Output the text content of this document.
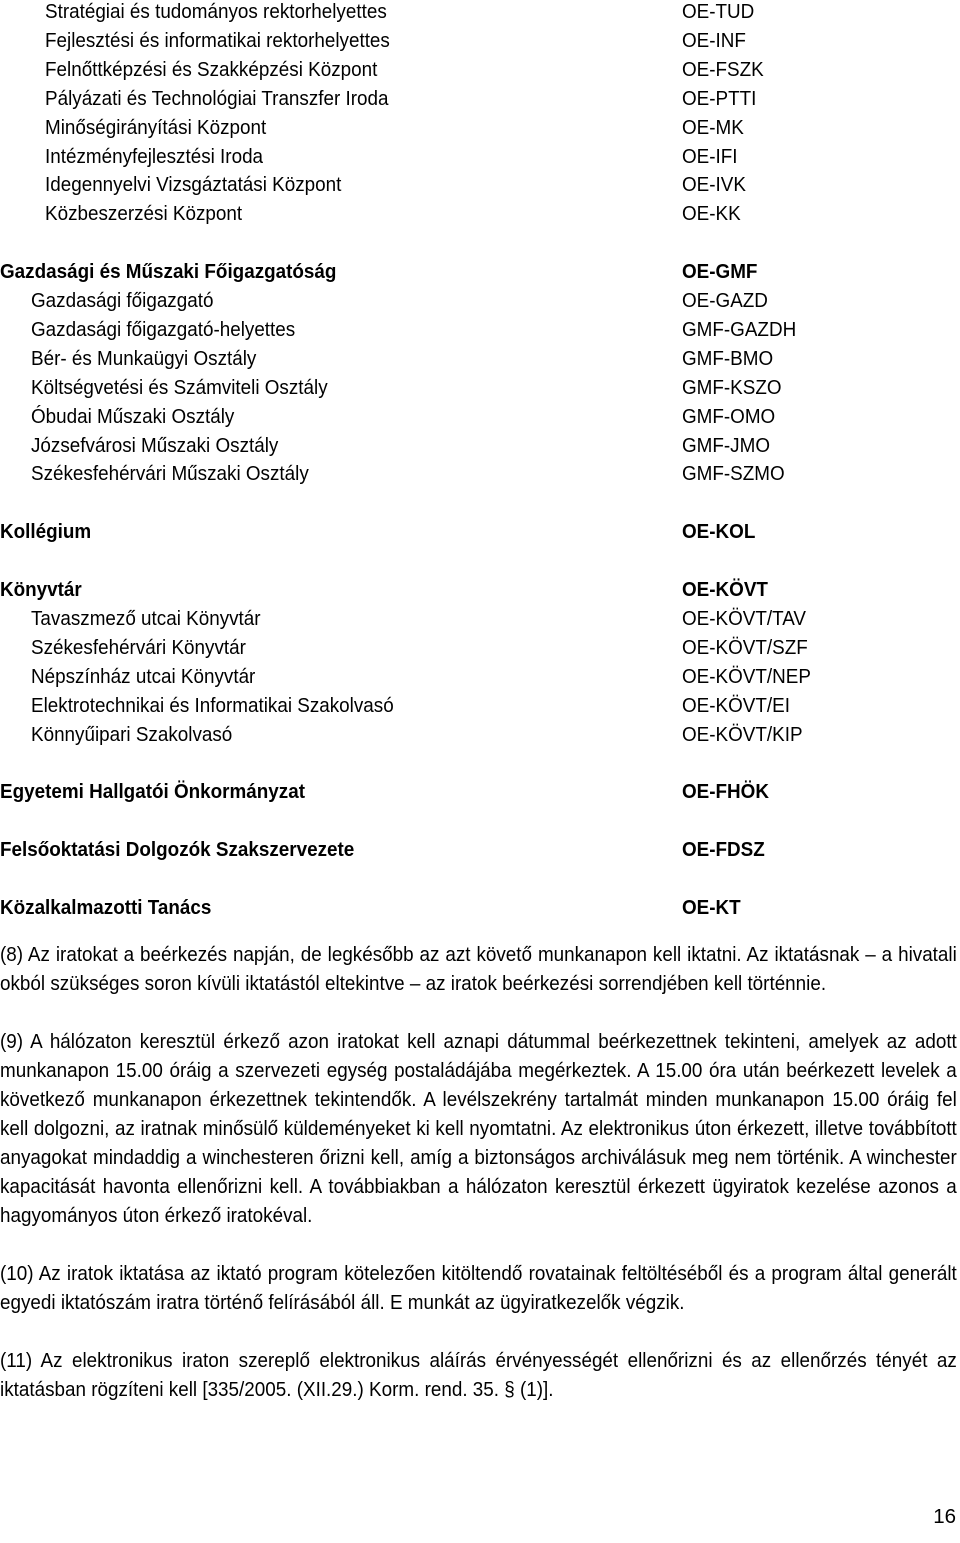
Stratégiai és tudományos rektorhelyettes	OE-TUD
Fejlesztési és informatikai rektorhelyettes	OE-INF
Felnőttképzési és Szakképzési Központ	OE-FSZK
Pályázati és Technológiai Transzfer Iroda	OE-PTTI
Minőségirányítási Központ	OE-MK
Intézményfejlesztési Iroda	OE-IFI
Idegennyelvi Vizsgáztatási Központ	OE-IVK
Közbeszerzési Központ	OE-KK
Gazdasági és Műszaki Főigazgatóság	OE-GMF
Gazdasági főigazgató	OE-GAZD
Gazdasági főigazgató-helyettes	GMF-GAZDH
Bér- és Munkaügyi Osztály	GMF-BMO
Költségvetési és Számviteli Osztály	GMF-KSZO
Óbudai Műszaki Osztály	GMF-OMO
Józsefvárosi Műszaki Osztály	GMF-JMO
Székesfehérvári Műszaki Osztály	GMF-SZMO
Kollégium	OE-KOL
Könyvtár	OE-KÖVT
Tavaszmező utcai Könyvtár	OE-KÖVT/TAV
Székesfehérvári Könyvtár	OE-KÖVT/SZF
Népszínház utcai Könyvtár	OE-KÖVT/NEP
Elektrotechnikai és Informatikai Szakolvasó	OE-KÖVT/EI
Könnyűipari Szakolvasó	OE-KÖVT/KIP
Egyetemi Hallgatói Önkormányzat	OE-FHÖK
Felsőoktatási Dolgozók Szakszervezete	OE-FDSZ
Közalkalmazotti Tanács	OE-KT

(8) Az iratokat a beérkezés napján, de legkésőbb az azt követő munkanapon kell iktatni. Az iktatásnak – a hivatali okból szükséges soron kívüli iktatástól eltekintve – az iratok beérkezési sorrendjében kell történnie.

(9) A hálózaton keresztül érkező azon iratokat kell aznapi dátummal beérkezettnek tekinteni, amelyek az adott munkanapon 15.00 óráig a szervezeti egység postaládájába megérkeztek. A 15.00 óra után beérkezett levelek a következő munkanapon érkezettnek tekintendők. A levélszekrény tartalmát minden munkanapon 15.00 óráig fel kell dolgozni, az iratnak minősülő küldeményeket ki kell nyomtatni. Az elektronikus úton érkezett, illetve továbbított anyagokat mindaddig a winchesteren őrizni kell, amíg a biztonságos archiválásuk meg nem történik. A winchester kapacitását havonta ellenőrizni kell. A továbbiakban a hálózaton keresztül érkezett ügyiratok kezelése azonos a hagyományos úton érkező iratokéval.

(10) Az iratok iktatása az iktató program kötelezően kitöltendő rovatainak feltöltéséből és a program által generált egyedi iktatószám iratra történő felírásából áll. E munkát az ügyiratkezelők végzik.

(11) Az elektronikus iraton szereplő elektronikus aláírás érvényességét ellenőrizni és az ellenőrzés tényét az iktatásban rögzíteni kell [335/2005. (XII.29.) Korm. rend. 35. § (1)].

16
